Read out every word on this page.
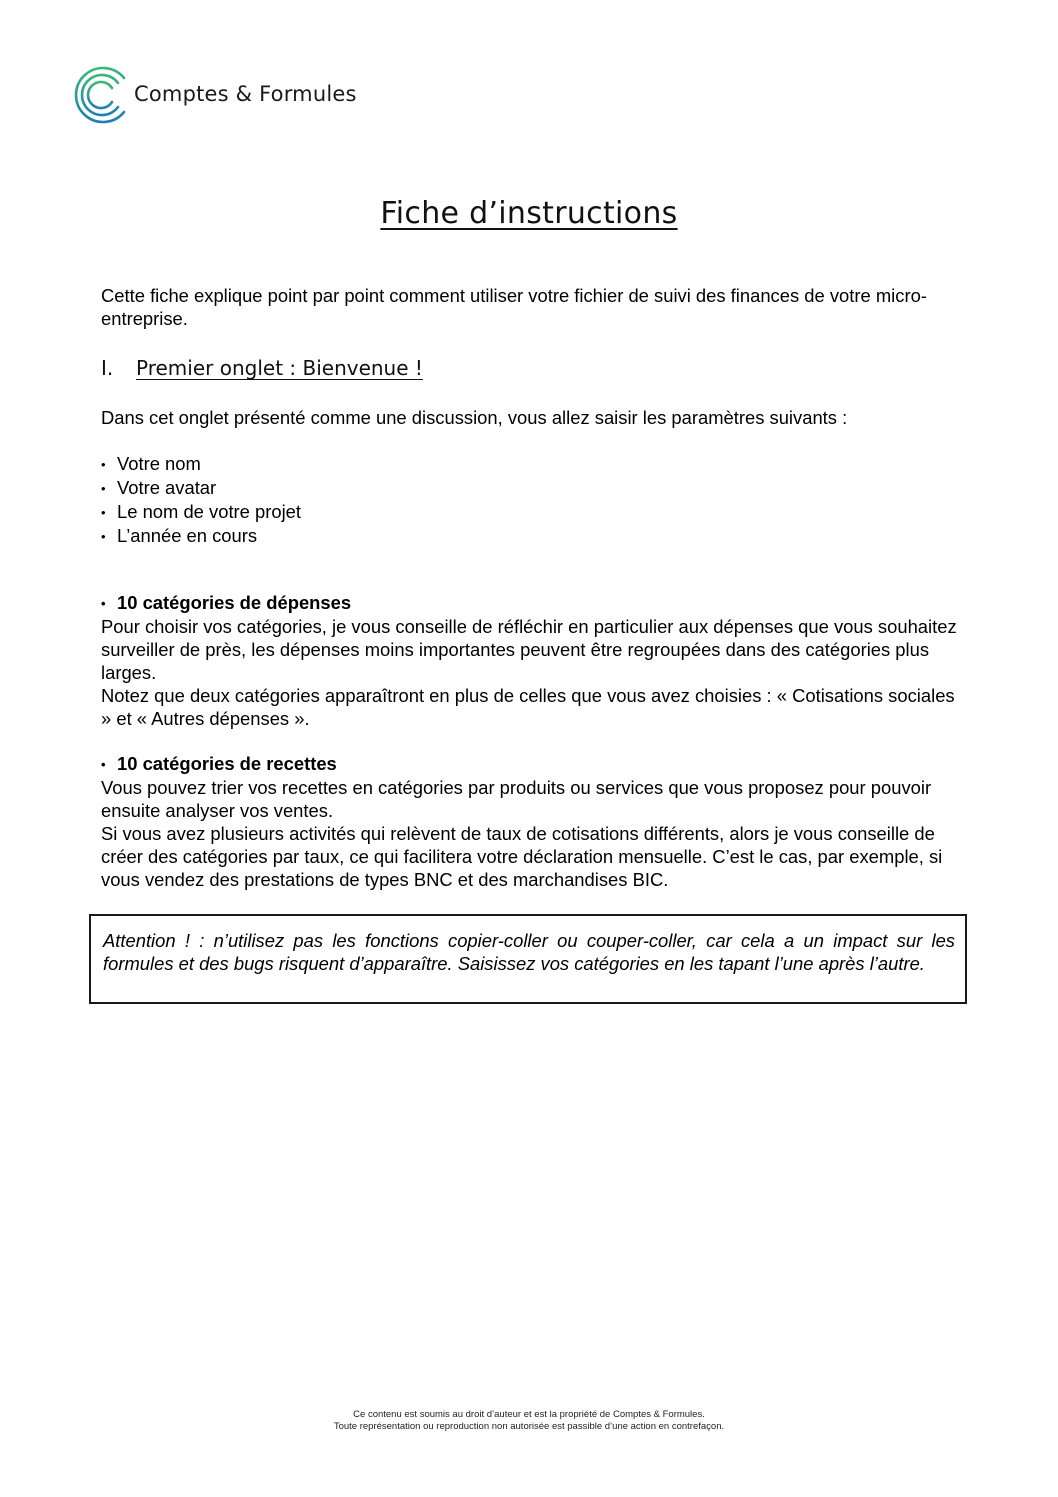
Comptes & Formules
Fiche d’instructions
Cette fiche explique point par point comment utiliser votre fichier de suivi des finances de votre micro-entreprise.
I.	Premier onglet : Bienvenue !
Dans cet onglet présenté comme une discussion, vous allez saisir les paramètres suivants :
• Votre nom
• Votre avatar
• Le nom de votre projet
• L’année en cours
• 10 catégories de dépenses
Pour choisir vos catégories, je vous conseille de réfléchir en particulier aux dépenses que vous souhaitez surveiller de près, les dépenses moins importantes peuvent être regroupées dans des catégories plus larges.
Notez que deux catégories apparaîtront en plus de celles que vous avez choisies : « Cotisations sociales » et « Autres dépenses ».
• 10 catégories de recettes
Vous pouvez trier vos recettes en catégories par produits ou services que vous proposez pour pouvoir ensuite analyser vos ventes.
Si vous avez plusieurs activités qui relèvent de taux de cotisations différents, alors je vous conseille de créer des catégories par taux, ce qui facilitera votre déclaration mensuelle. C’est le cas, par exemple, si vous vendez des prestations de types BNC et des marchandises BIC.
Attention ! : n’utilisez pas les fonctions copier-coller ou couper-coller, car cela a un impact sur les formules et des bugs risquent d’apparaître. Saisissez vos catégories en les tapant l’une après l’autre.
Ce contenu est soumis au droit d’auteur et est la propriété de Comptes & Formules.
Toute représentation ou reproduction non autorisée est passible d’une action en contrefaçon.
